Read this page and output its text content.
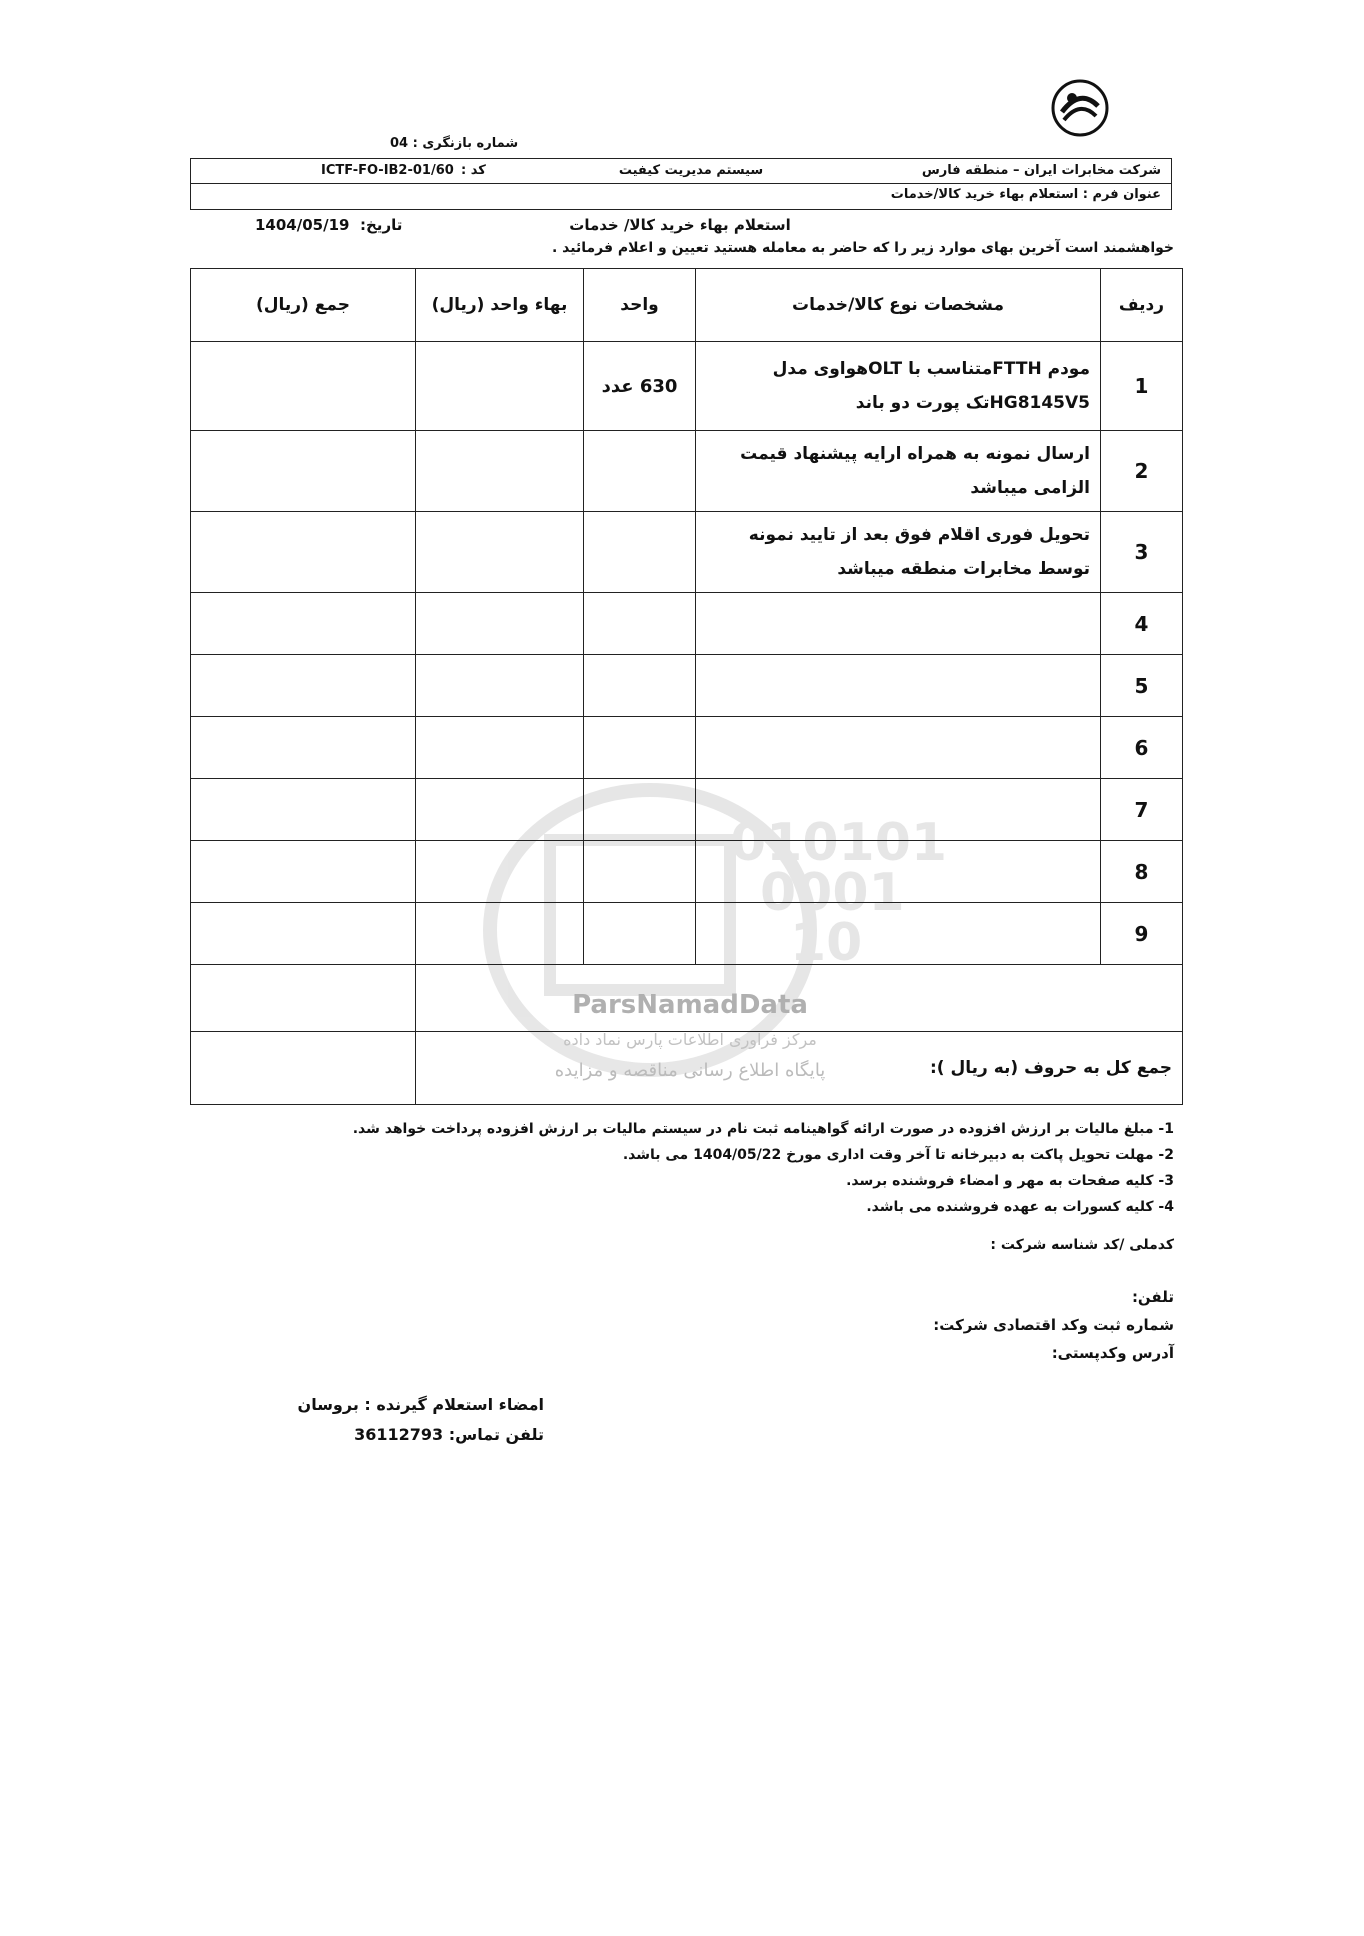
شماره بازنگری : 04
شرکت مخابرات ایران – منطقه فارس
سیستم مدیریت کیفیت
کد :
ICTF-FO-IB2-01/60
عنوان فرم : استعلام بهاء خرید کالا/خدمات
استعلام بهاء خرید کالا/ خدمات
تاریخ:
1404/05/19
خواهشمند است آخرین بهای موارد زیر را که حاضر به معامله هستید تعیین و اعلام فرمائید .
010101
0001
10
ParsNamadData
مرکز فراوری اطلاعات پارس نماد داده
پایگاه اطلاع رسانی مناقصه و مزایده
ردیف	مشخصات نوع کالا/خدمات	واحد	بهاء واحد (ریال)	جمع (ریال)
1	مودم FTTHمتناسب با OLTهواوی مدل HG8145V5تک پورت دو باند	630 عدد		
2	ارسال نمونه به همراه ارایه پیشنهاد قیمت الزامی میباشد			
3	تحویل فوری اقلام فوق بعد از تایید نمونه توسط مخابرات منطقه میباشد			
4				
5				
6				
7				
8				
9				

جمع کل به حروف (به ریال ):				
1- مبلغ مالیات بر ارزش افزوده در صورت ارائه گواهینامه ثبت نام در سیستم مالیات بر ارزش افزوده پرداخت خواهد شد.
2- مهلت تحویل پاکت به دبیرخانه تا آخر وقت اداری مورخ 1404/05/22 می باشد.
3- کلیه صفحات به مهر و امضاء فروشنده برسد.
4- کلیه کسورات به عهده فروشنده می باشد.
کدملی /کد شناسه شرکت :
تلفن:
شماره ثبت وکد اقتصادی شرکت:
آدرس وکدپستی:
امضاء استعلام گیرنده : بروسان
تلفن تماس: 36112793
